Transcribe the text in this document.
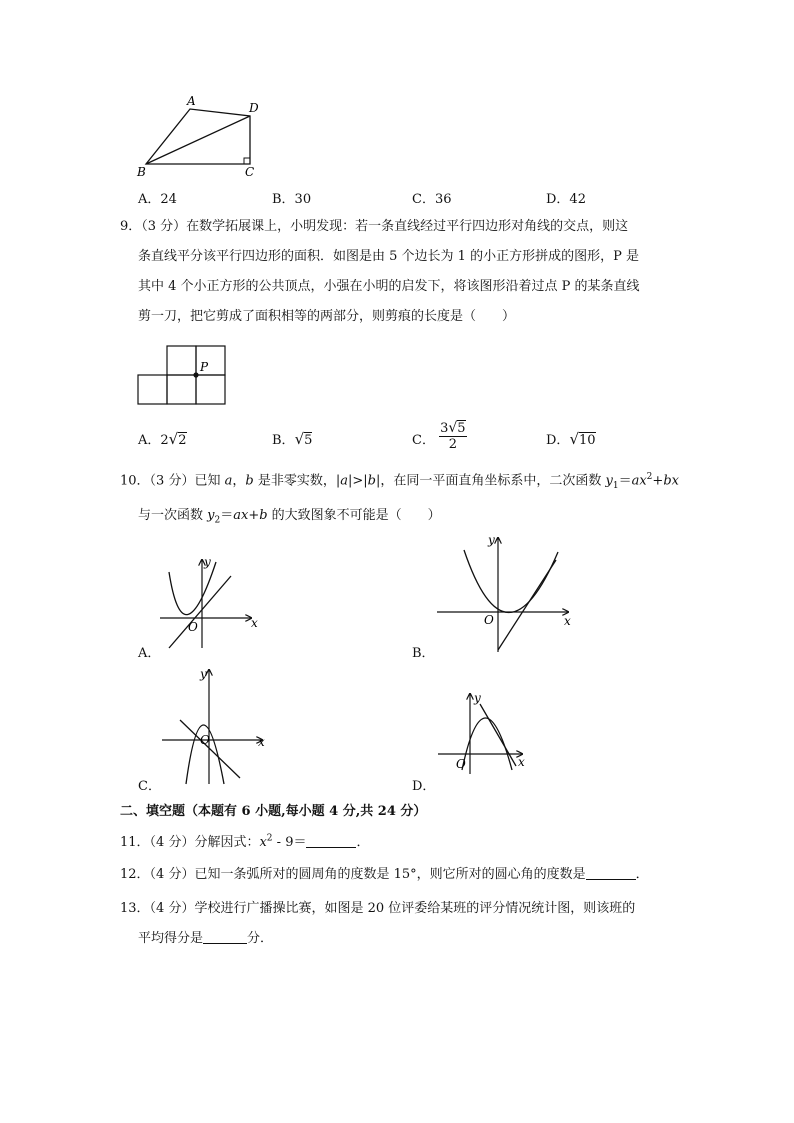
A	D
B	C
A．24	B．30	C．36	D．42
9．（3 分）在数学拓展课上，小明发现：若一条直线经过平行四边形对角线的交点，则这
条直线平分该平行四边形的面积．如图是由 5 个边长为 1 的小正方形拼成的图形，P 是
其中 4 个小正方形的公共顶点，小强在小明的启发下，将该图形沿着过点 P 的某条直线
剪一刀，把它剪成了面积相等的两部分，则剪痕的长度是（　　）
P
A．2√2	B．√5	C． $\frac{3√5}{2}$	D．√10
10．（3 分）已知 a，b 是非零实数，|a|>|b|，在同一平面直角坐标系中，二次函数 $y_1=ax^2+bx$
与一次函数 $y_2=ax+b$ 的大致图象不可能是（　　）
y
x
O
A．
y
x
O
B．
y
x
O
C．
y
x
O
D．
二、填空题（本题有 6 小题,每小题 4 分,共 24 分）
11．（4 分）分解因式：$x^2 - 9=$	．
12．（4 分）已知一条弧所对的圆周角的度数是 15°，则它所对的圆心角的度数是	．
13．（4 分）学校进行广播操比赛，如图是 20 位评委给某班的评分情况统计图，则该班的
平均得分是	分．
